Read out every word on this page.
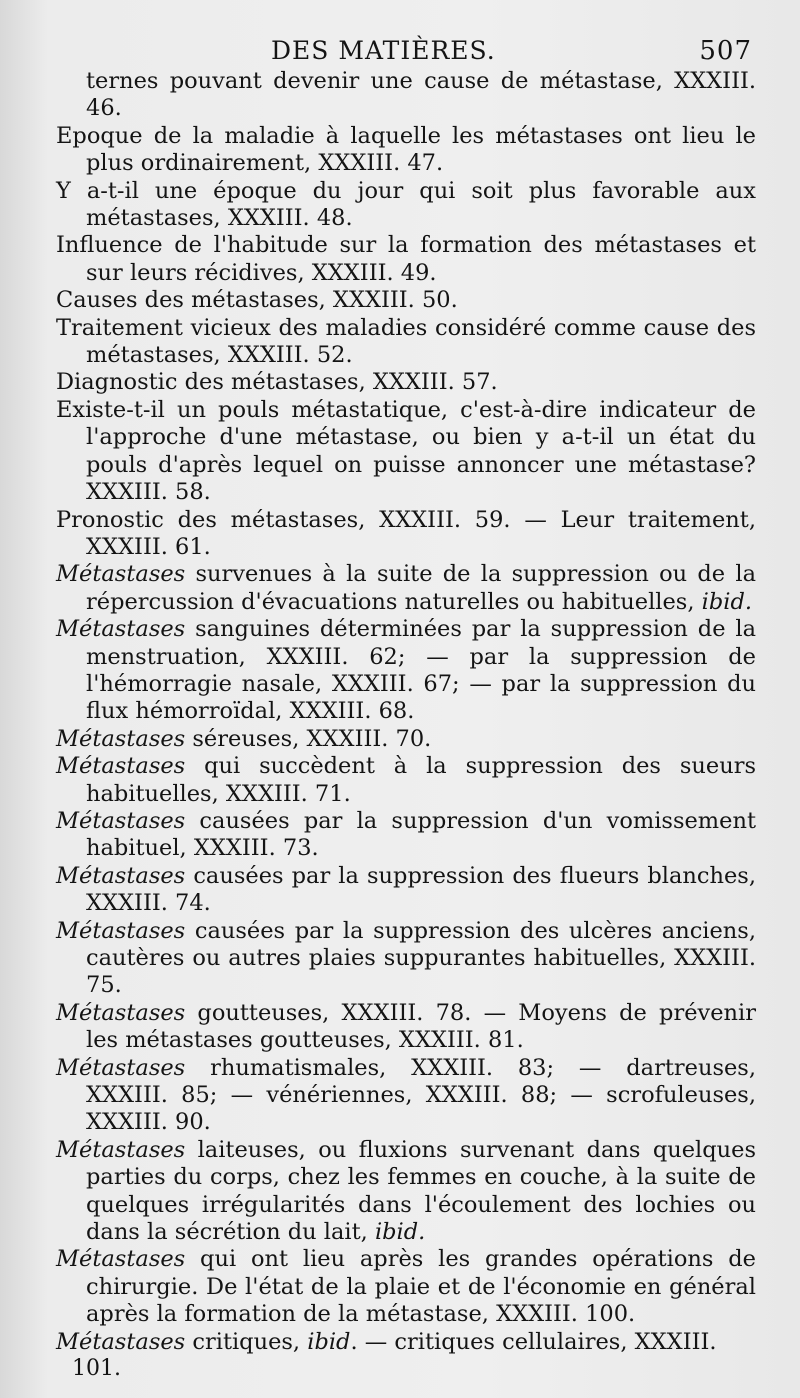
DES MATIÈRES.	507

ternes pouvant devenir une cause de métastase, XXXIII. 46.

Epoque de la maladie à laquelle les métastases ont lieu le plus ordinairement, XXXIII. 47.

Y a-t-il une époque du jour qui soit plus favorable aux métastases, XXXIII. 48.

Influence de l'habitude sur la formation des métastases et sur leurs récidives, XXXIII. 49.

Causes des métastases, XXXIII. 50.

Traitement vicieux des maladies considéré comme cause des métastases, XXXIII. 52.

Diagnostic des métastases, XXXIII. 57.

Existe-t-il un pouls métastatique, c'est-à-dire indicateur de l'approche d'une métastase, ou bien y a-t-il un état du pouls d'après lequel on puisse annoncer une métastase? XXXIII. 58.

Pronostic des métastases, XXXIII. 59. — Leur traitement, XXXIII. 61.

Métastases survenues à la suite de la suppression ou de la répercussion d'évacuations naturelles ou habituelles, ibid.

Métastases sanguines déterminées par la suppression de la menstruation, XXXIII. 62; — par la suppression de l'hémorragie nasale, XXXIII. 67; — par la suppression du flux hémorroïdal, XXXIII. 68.

Métastases séreuses, XXXIII. 70.

Métastases qui succèdent à la suppression des sueurs habituelles, XXXIII. 71.

Métastases causées par la suppression d'un vomissement habituel, XXXIII. 73.

Métastases causées par la suppression des flueurs blanches, XXXIII. 74.

Métastases causées par la suppression des ulcères anciens, cautères ou autres plaies suppurantes habituelles, XXXIII. 75.

Métastases goutteuses, XXXIII. 78. — Moyens de prévenir les métastases goutteuses, XXXIII. 81.

Métastases rhumatismales, XXXIII. 83; — dartreuses, XXXIII. 85; — vénériennes, XXXIII. 88; — scrofuleuses, XXXIII. 90.

Métastases laiteuses, ou fluxions survenant dans quelques parties du corps, chez les femmes en couche, à la suite de quelques irrégularités dans l'écoulement des lochies ou dans la sécrétion du lait, ibid.

Métastases qui ont lieu après les grandes opérations de chirurgie. De l'état de la plaie et de l'économie en général après la formation de la métastase, XXXIII. 100.

Métastases critiques, ibid. — critiques cellulaires, XXXIII.

101.
